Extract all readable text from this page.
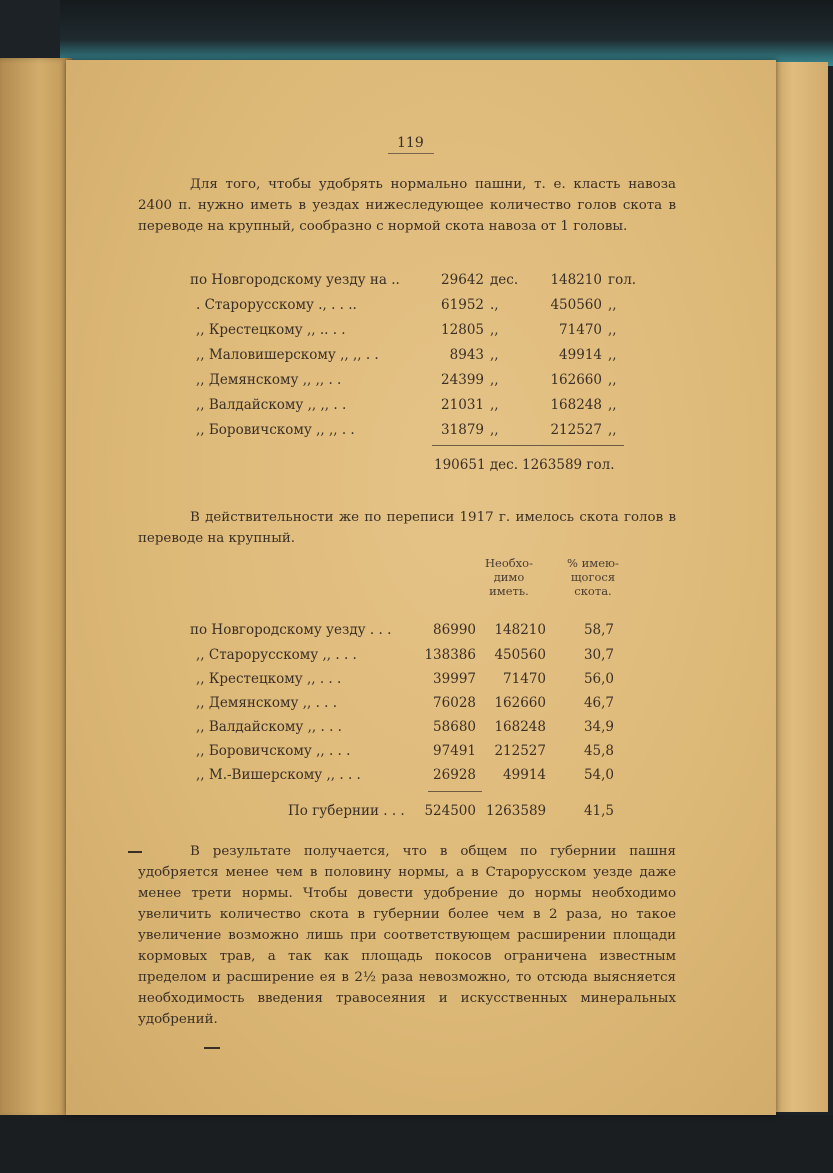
119
Для того, чтобы удобрять нормально пашни, т. е. класть навоза 2400 п. нужно иметь в уездах нижеследующее количество голов скота в переводе на крупный, сообразно с нормой скота навоза от 1 головы.
по Новгородскому уезду на ..	29642 дес.	148210 гол.
. Старорусскому ., . . ..	61952 .,	450560 ,,
,, Крестецкому ,, .. . .	12805 ,,	71470 ,,
,, Маловишерскому ,, ,, . .	8943 ,,	49914 ,,
,, Демянскому ,, ,, . .	24399 ,,	162660 ,,
,, Валдайскому ,, ,, . .	21031 ,,	168248 ,,
,, Боровичскому ,, ,, . .	31879 ,,	212527 ,,
190651 дес. 1263589 гол.
В действительности же по переписи 1917 г. имелось скота голов в переводе на крупный.
Необхо-
димо
иметь.
% имею-
щогося
скота.
по Новгородскому уезду . . .	86990	148210	58,7
,, Старорусскому ,, . . .	138386	450560	30,7
,, Крестецкому ,, . . .	39997	71470	56,0
,, Демянскому ,, . . .	76028	162660	46,7
,, Валдайскому ,, . . .	58680	168248	34,9
,, Боровичскому ,, . . .	97491	212527	45,8
,, М.-Вишерскому ,, . . .	26928	49914	54,0
По губернии . . .	524500 1263589	41,5
В результате получается, что в общем по губернии пашня удобряется менее чем в половину нормы, а в Старорусском уезде даже менее трети нормы. Чтобы довести удобрение до нормы необходимо увеличить количество скота в губернии более чем в 2 раза, но такое увеличение возможно лишь при соответствующем расширении площади кормовых трав, а так как площадь покосов ограничена известным пределом и расширение ея в 2½ раза невозможно, то отсюда выясняется необходимость введения травосеяния и искусственных минеральных удобрений.
